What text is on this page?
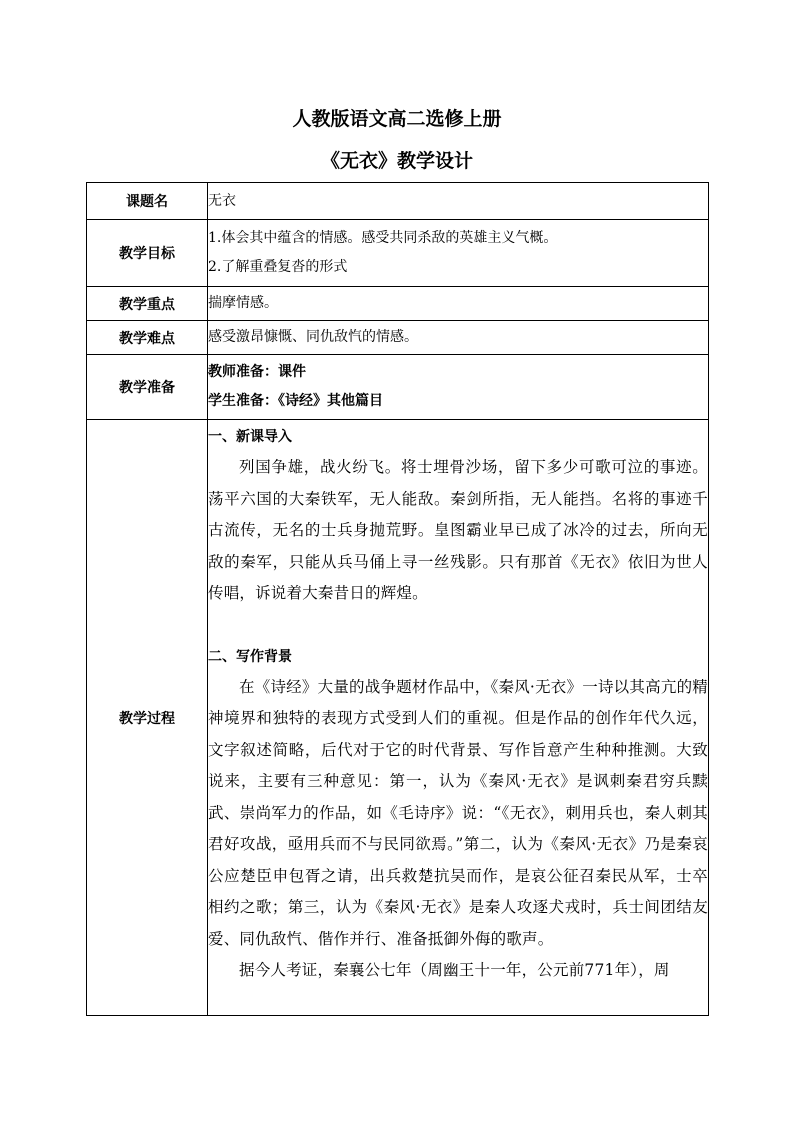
人教版语文高二选修上册
《无衣》教学设计
课题名	无衣

教学目标	1.体会其中蕴含的情感。感受共同杀敌的英雄主义气概。
2.了解重叠复沓的形式

教学重点	揣摩情感。

教学难点	感受激昂慷慨、同仇敌忾的情感。

教学准备	教师准备：课件
学生准备：《诗经》其他篇目

教学过程	一、新课导入

列国争雄，战火纷飞。将士埋骨沙场，留下多少可歌可泣的事迹。荡平六国的大秦铁军，无人能敌。秦剑所指，无人能挡。名将的事迹千古流传，无名的士兵身抛荒野。皇图霸业早已成了冰冷的过去，所向无敌的秦军，只能从兵马俑上寻一丝残影。只有那首《无衣》依旧为世人传唱，诉说着大秦昔日的辉煌。

二、写作背景

在《诗经》大量的战争题材作品中，《秦风·无衣》一诗以其高亢的精神境界和独特的表现方式受到人们的重视。但是作品的创作年代久远，文字叙述简略，后代对于它的时代背景、写作旨意产生种种推测。大致说来，主要有三种意见：第一，认为《秦风·无衣》是讽刺秦君穷兵黩武、崇尚军力的作品，如《毛诗序》说：“《无衣》，刺用兵也，秦人刺其君好攻战，亟用兵而不与民同欲焉。”第二，认为《秦风·无衣》乃是秦哀公应楚臣申包胥之请，出兵救楚抗吴而作，是哀公征召秦民从军，士卒相约之歌；第三，认为《秦风·无衣》是秦人攻逐犬戎时，兵士间团结友爱、同仇敌忾、偕作并行、准备抵御外侮的歌声。

据今人考证，秦襄公七年（周幽王十一年，公元前771年），周
